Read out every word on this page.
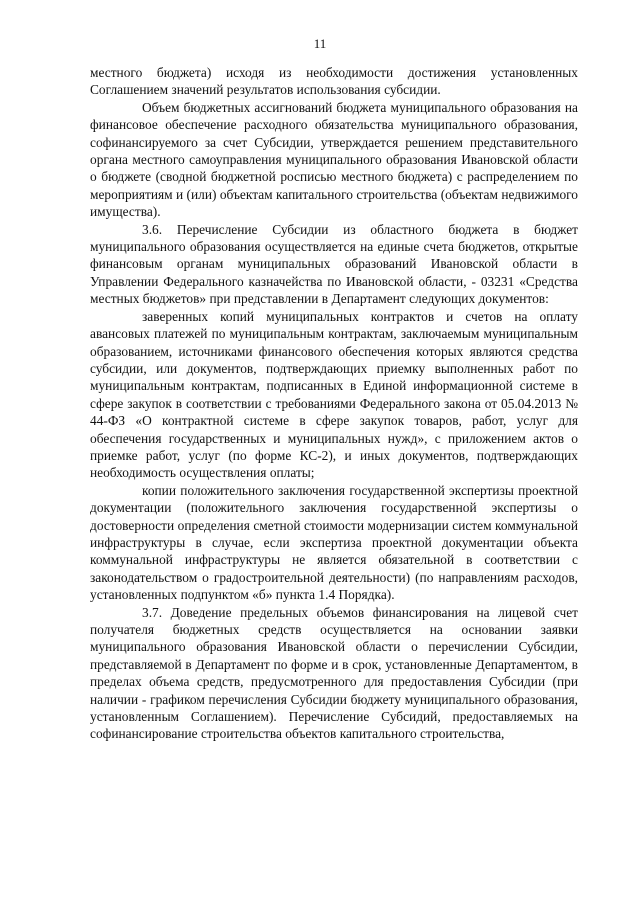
11

местного бюджета) исходя из необходимости достижения установленных Соглашением значений результатов использования субсидии.

Объем бюджетных ассигнований бюджета муниципального образования на финансовое обеспечение расходного обязательства муниципального образования, софинансируемого за счет Субсидии, утверждается решением представительного органа местного самоуправления муниципального образования Ивановской области о бюджете (сводной бюджетной росписью местного бюджета) с распределением по мероприятиям и (или) объектам капитального строительства (объектам недвижимого имущества).

3.6. Перечисление Субсидии из областного бюджета в бюджет муниципального образования осуществляется на единые счета бюджетов, открытые финансовым органам муниципальных образований Ивановской области в Управлении Федерального казначейства по Ивановской области, - 03231 «Средства местных бюджетов» при представлении в Департамент следующих документов:

заверенных копий муниципальных контрактов и счетов на оплату авансовых платежей по муниципальным контрактам, заключаемым муниципальным образованием, источниками финансового обеспечения которых являются средства субсидии, или документов, подтверждающих приемку выполненных работ по муниципальным контрактам, подписанных в Единой информационной системе в сфере закупок в соответствии с требованиями Федерального закона от 05.04.2013 № 44-ФЗ «О контрактной системе в сфере закупок товаров, работ, услуг для обеспечения государственных и муниципальных нужд», с приложением актов о приемке работ, услуг (по форме КС-2), и иных документов, подтверждающих необходимость осуществления оплаты;

копии положительного заключения государственной экспертизы проектной документации (положительного заключения государственной экспертизы о достоверности определения сметной стоимости модернизации систем коммунальной инфраструктуры в случае, если экспертиза проектной документации объекта коммунальной инфраструктуры не является обязательной в соответствии с законодательством о градостроительной деятельности) (по направлениям расходов, установленных подпунктом «б» пункта 1.4 Порядка).

3.7. Доведение предельных объемов финансирования на лицевой счет получателя бюджетных средств осуществляется на основании заявки муниципального образования Ивановской области о перечислении Субсидии, представляемой в Департамент по форме и в срок, установленные Департаментом, в пределах объема средств, предусмотренного для предоставления Субсидии (при наличии - графиком перечисления Субсидии бюджету муниципального образования, установленным Соглашением). Перечисление Субсидий, предоставляемых на софинансирование строительства объектов капитального строительства,
